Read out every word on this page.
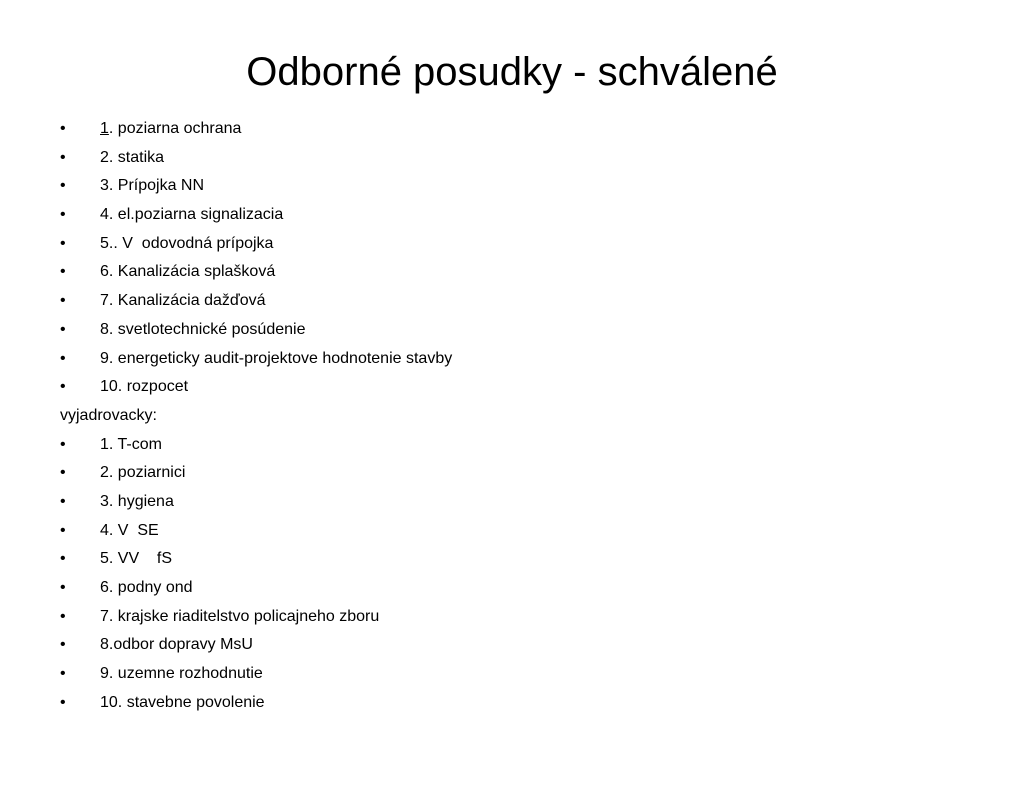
Odborné posudky - schválené

•

	1. poziarna ochrana

•

	2. statika

•

	3. Prípojka NN

•

	4. el.poziarna signalizacia

•

	5.. V  odovodná prípojka

•

	6. Kanalizácia splašková

•

	7. Kanalizácia dažďová

•

	8. svetlotechnické posúdenie

•

	9. energeticky audit-projektove hodnotenie stavby

•

	10. rozpocet

vyjadrovacky:

•

	1. T-com

•

	2. poziarnici

•

	3. hygiena

•

	4. V  SE

•

	5. VV    fS

•

	6. podny ond

•

	7. krajske riaditelstvo policajneho zboru

•

	8.odbor dopravy MsU

•

	9. uzemne rozhodnutie

•

	10. stavebne povolenie
